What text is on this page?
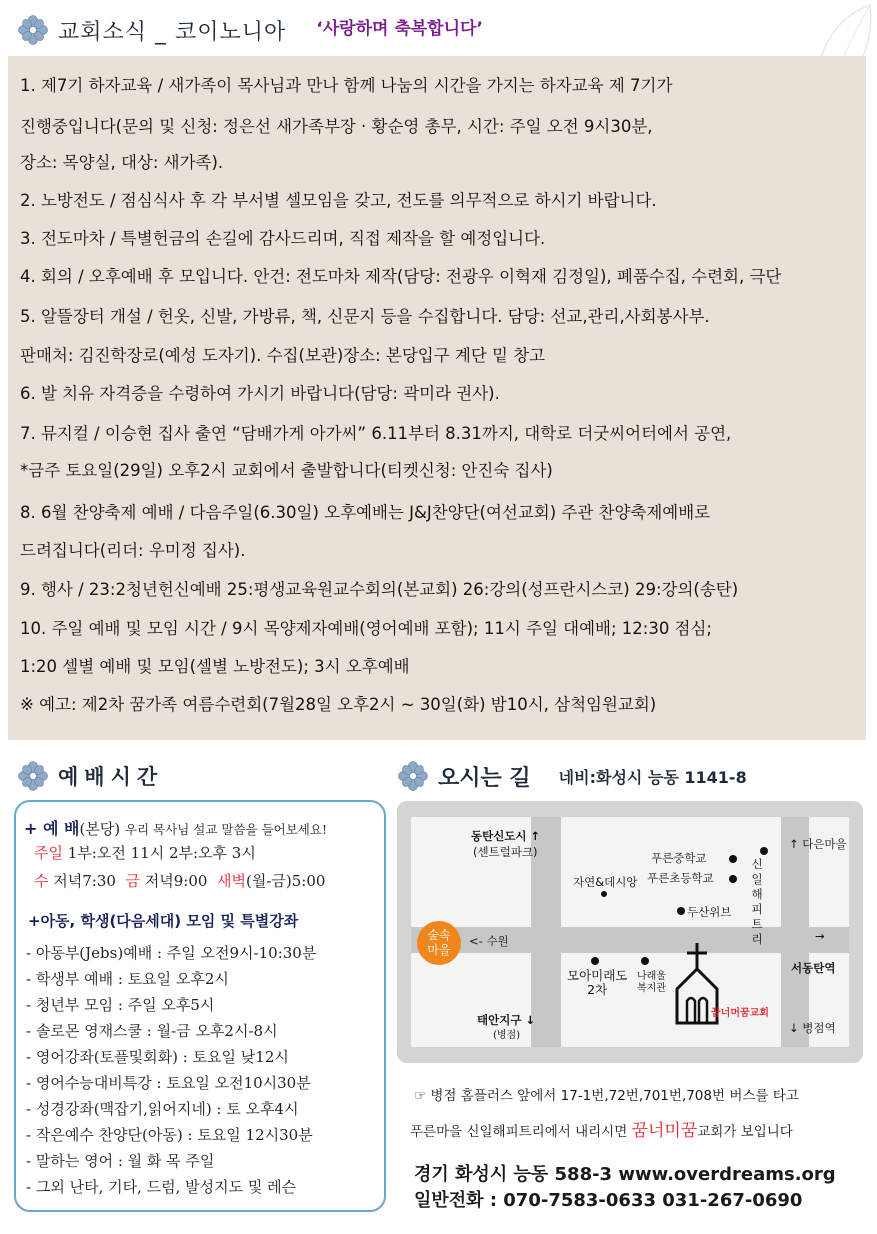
교회소식 _ 코이노니아 ‘사랑하며 축복합니다’
1. 제7기 하자교육 / 새가족이 목사님과 만나 함께 나눔의 시간을 가지는 하자교육 제 7기가
진행중입니다(문의 및 신청: 정은선 새가족부장 · 황순영 총무, 시간: 주일 오전 9시30분,
장소: 목양실, 대상: 새가족).
2. 노방전도 / 점심식사 후 각 부서별 셀모임을 갖고, 전도를 의무적으로 하시기 바랍니다.
3. 전도마차 / 특별헌금의 손길에 감사드리며, 직접 제작을 할 예정입니다.
4. 회의 / 오후예배 후 모입니다. 안건: 전도마차 제작(담당: 전광우 이혁재 김정일), 폐품수집, 수련회, 극단
5. 알뜰장터 개설 / 헌옷, 신발, 가방류, 책, 신문지 등을 수집합니다. 담당: 선교,관리,사회봉사부.
판매처: 김진학장로(예성 도자기). 수집(보관)장소: 본당입구 계단 밑 창고
6. 발 치유 자격증을 수령하여 가시기 바랍니다(담당: 곽미라 권사).
7. 뮤지컬 / 이승현 집사 출연 “담배가게 아가씨” 6.11부터 8.31까지, 대학로 더굿씨어터에서 공연,
*금주 토요일(29일) 오후2시 교회에서 출발합니다(티켓신청: 안진숙 집사)
8. 6월 찬양축제 예배 / 다음주일(6.30일) 오후예배는 J&J찬양단(여선교회) 주관 찬양축제예배로
드려집니다(리더: 우미정 집사).
9. 행사 / 23:2청년헌신예배 25:평생교육원교수회의(본교회) 26:강의(성프란시스코) 29:강의(송탄)
10. 주일 예배 및 모임 시간 / 9시 목양제자예배(영어예배 포함); 11시 주일 대예배; 12:30 점심;
1:20 셀별 예배 및 모임(셀별 노방전도); 3시 오후예배
※ 예고: 제2차 꿈가족 여름수련회(7월28일 오후2시 ~ 30일(화) 밤10시, 삼척임원교회)
예배시간
+ 예 배(본당) 우리 목사님 설교 말씀을 들어보세요!
주일 1부:오전 11시 2부:오후 3시
수 저녁7:30 금 저녁9:00 새벽(월-금)5:00
+아동, 학생(다음세대) 모임 및 특별강좌
- 아동부(Jebs)예배 : 주일 오전9시-10:30분
- 학생부 예배 : 토요일 오후2시
- 청년부 모임 : 주일 오후5시
- 솔로몬 영재스쿨 : 월-금 오후2시-8시
- 영어강좌(토플및회화) : 토요일 낮12시
- 영어수능대비특강 : 토요일 오전10시30분
- 성경강좌(맥잡기,읽어지네) : 토 오후4시
- 작은예수 찬양단(아동) : 토요일 12시30분
- 말하는 영어 : 월 화 목 주일
- 그외 난타, 기타, 드럼, 발성지도 및 레슨
오시는 길 네비:화성시 능동 1141-8
숲속
마을
동탄신도시 ↑
(센트럴파크)
↑ 다은마을
푸른중학교
푸른초등학교
신일해피트리
자연&데시앙
두산위브
<- 수원	→
모아미래도
2차
나래울
복지관
서동탄역
태안지구 ↓
(병점)
↓ 병점역
꿈너머꿈교회
☞ 병점 홈플러스 앞에서 17-1번,72번,701번,708번 버스를 타고
푸른마을 신일해피트리에서 내리시면 꿈너미꿈교회가 보입니다
경기 화성시 능동 588-3 www.overdreams.org
일반전화 : 070-7583-0633 031-267-0690
